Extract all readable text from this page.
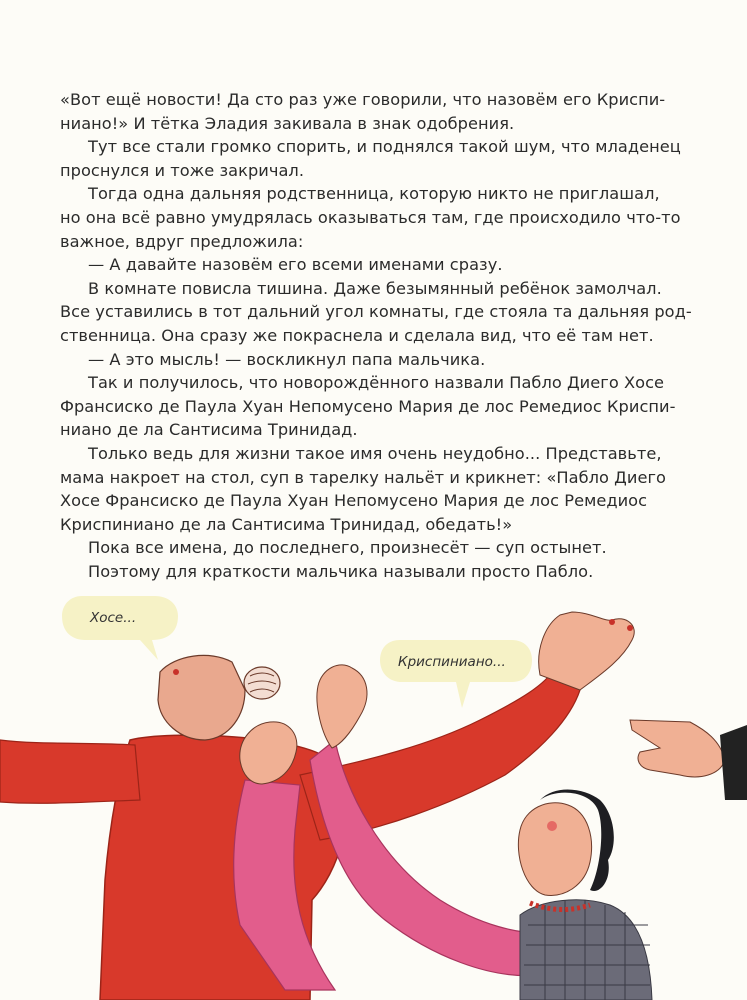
«Вот ещё новости! Да сто раз уже говорили, что назовём его Криспи-

ниано!» И тётка Эладия закивала в знак одобрения.

Тут все стали громко спорить, и поднялся такой шум, что младенец

проснулся и тоже закричал.

Тогда одна дальняя родственница, которую никто не приглашал,

но она всё равно умудрялась оказываться там, где происходило что-то

важное, вдруг предложила:

— А давайте назовём его всеми именами сразу.

В комнате повисла тишина. Даже безымянный ребёнок замолчал.

Все уставились в тот дальний угол комнаты, где стояла та дальняя род-

ственница. Она сразу же покраснела и сделала вид, что её там нет.

— А это мысль! — воскликнул папа мальчика.

Так и получилось, что новорождённого назвали Пабло Диего Хосе

Франсиско де Паула Хуан Непомусено Мария де лос Ремедиос Криспи-

ниано де ла Сантисима Тринидад.

Только ведь для жизни такое имя очень неудобно... Представьте,

мама накроет на стол, суп в тарелку нальёт и крикнет: «Пабло Диего

Хосе Франсиско де Паула Хуан Непомусено Мария де лос Ремедиос

Криспиниано де ла Сантисима Тринидад, обедать!»

Пока все имена, до последнего, произнесёт — суп остынет.

Поэтому для краткости мальчика называли просто Пабло.

Хосе...
Криспиниано...
